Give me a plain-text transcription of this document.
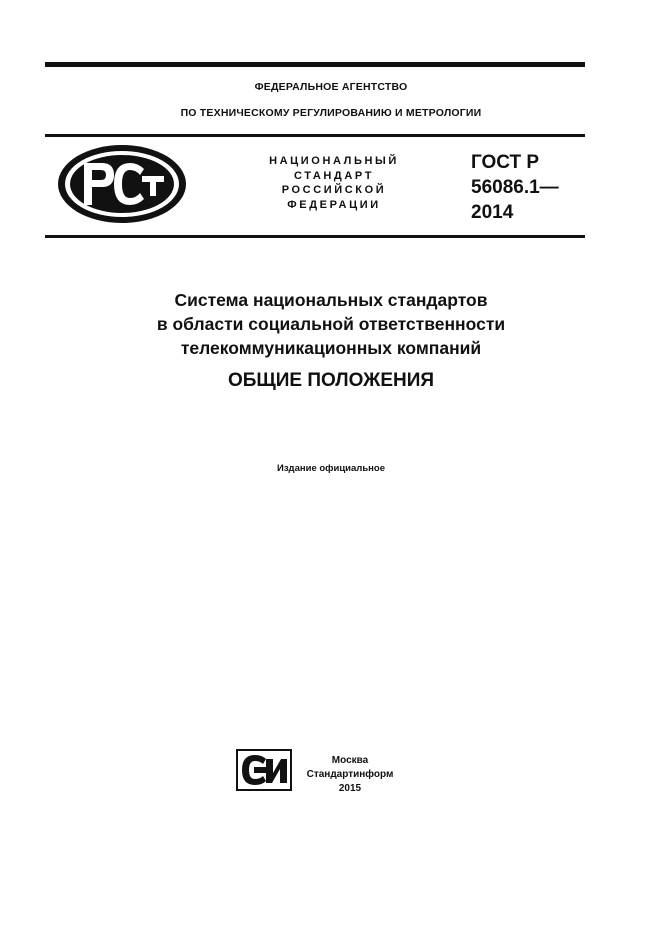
ФЕДЕРАЛЬНОЕ АГЕНТСТВО
ПО ТЕХНИЧЕСКОМУ РЕГУЛИРОВАНИЮ И МЕТРОЛОГИИ
НАЦИОНАЛЬНЫЙ
СТАНДАРТ
РОССИЙСКОЙ
ФЕДЕРАЦИИ
ГОСТ Р
56086.1—
2014
Система национальных стандартов
в области социальной ответственности
телекоммуникационных компаний
ОБЩИЕ ПОЛОЖЕНИЯ
Издание официальное
Москва
Стандартинформ
2015
